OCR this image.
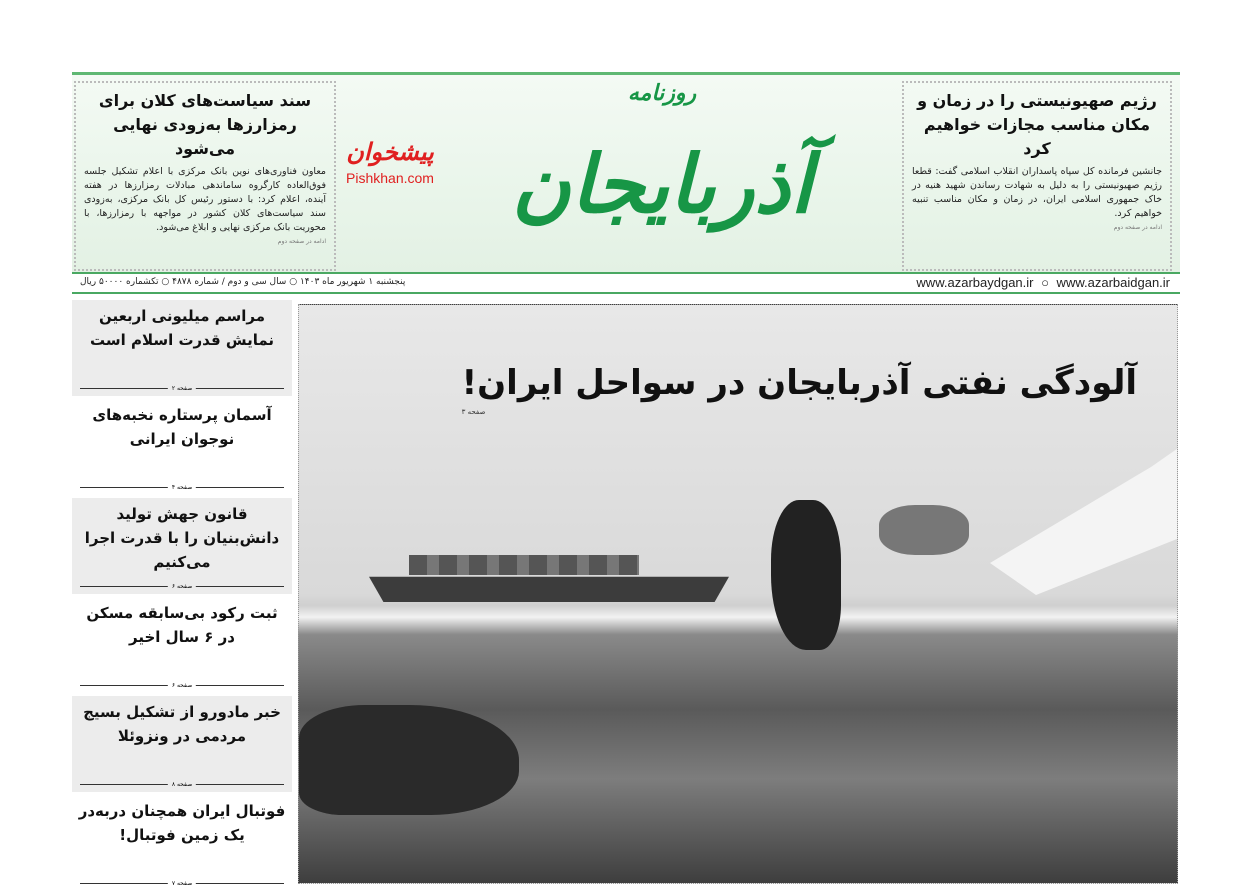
رژیم صهیونیستی را در زمان و مکان مناسب مجازات خواهیم کرد

جانشین فرمانده کل سپاه پاسداران انقلاب اسلامی گفت: قطعا رژیم صهیونیستی را به دلیل به شهادت رساندن شهید هنیه در خاک جمهوری اسلامی ایران، در زمان و مکان مناسب تنبیه خواهیم کرد.

ادامه در صفحه دوم
روزنامه
آذربایجان
سند سیاست‌های کلان برای رمزارزها به‌زودی نهایی می‌شود

معاون فناوری‌های نوین بانک مرکزی با اعلام تشکیل جلسه فوق‌العاده کارگروه ساماندهی مبادلات رمزارزها در هفته آینده، اعلام کرد: با دستور رئیس کل بانک مرکزی، به‌زودی سند سیاست‌های کلان کشور در مواجهه با رمزارزها، با محوریت بانک مرکزی نهایی و ابلاغ می‌شود.

ادامه در صفحه دوم
پیشخوان
Pishkhan.com
پنجشنبه ۱ شهریور ماه ۱۴۰۳ ○ سال سی و دوم / شماره ۴۸۷۸ ○ تکشماره ۵۰۰۰۰ ریال	www.azarbaydgan.ir ○ www.azarbaidgan.ir
مراسم میلیونی اربعین نمایش قدرت اسلام است
صفحه ۲
آسمان پرستاره نخبه‌های نوجوان ایرانی
صفحه ۴
قانون جهش تولید دانش‌بنیان را با قدرت اجرا می‌کنیم
صفحه ۶
ثبت رکود بی‌سابقه مسکن در ۶ سال اخیر
صفحه ۶
خبر مادورو از تشکیل بسیج مردمی در ونزوئلا
صفحه ۸
فوتبال ایران همچنان دربه‌در یک زمین فوتبال!
صفحه ۷
آلودگی نفتی آذربایجان در سواحل ایران!
صفحه ۳
